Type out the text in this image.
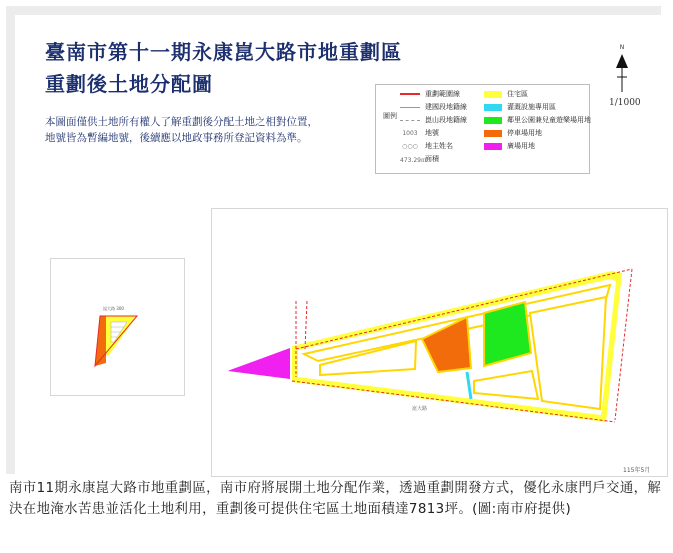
臺南市第十一期永康崑大路市地重劃區
重劃後土地分配圖
本圖面僅供土地所有權人了解重劃後分配土地之相對位置，
地號皆為暫編地號，後續應以地政事務所登記資料為準。
圖例
重劃範圍線
建國段地籍線
崑山段地籍線
1003	地號
○○○	地主姓名
473.29㎡
面積
住宅區
灌溉設施專用區
鄰里公園兼兒童遊樂場用地
停車場用地
廣場用地
N
1/1000
崑大路 300
崑大路
115年5月
南市11期永康崑大路市地重劃區，南市府將展開土地分配作業，透過重劃開發方式，優化永康門戶交通，解決在地淹水苦患並活化土地利用，重劃後可提供住宅區土地面積達7813坪。(圖:南市府提供)
